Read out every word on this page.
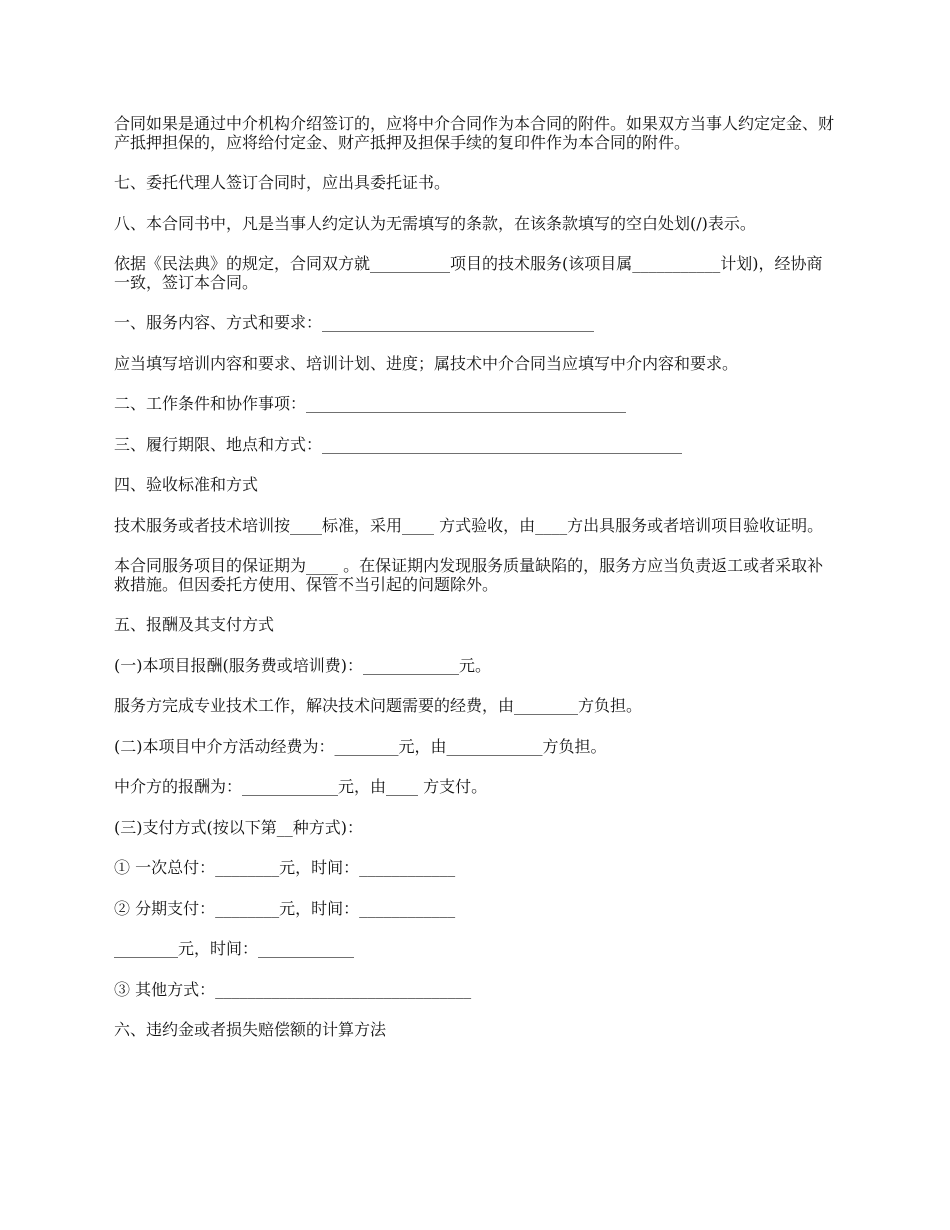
合同如果是通过中介机构介绍签订的，应将中介合同作为本合同的附件。如果双方当事人约定定金、财产抵押担保的，应将给付定金、财产抵押及担保手续的复印件作为本合同的附件。

七、委托代理人签订合同时，应出具委托证书。

八、本合同书中，凡是当事人约定认为无需填写的条款，在该条款填写的空白处划(/)表示。

依据《民法典》的规定，合同双方就__________项目的技术服务(该项目属___________计划)，经协商一致，签订本合同。

一、服务内容、方式和要求：__________________________________

应当填写培训内容和要求、培训计划、进度；属技术中介合同当应填写中介内容和要求。

二、工作条件和协作事项：________________________________________

三、履行期限、地点和方式：_____________________________________________

四、验收标准和方式

技术服务或者技术培训按____标准，采用____ 方式验收，由____方出具服务或者培训项目验收证明。

本合同服务项目的保证期为____ 。在保证期内发现服务质量缺陷的，服务方应当负责返工或者采取补救措施。但因委托方使用、保管不当引起的问题除外。

五、报酬及其支付方式

(一)本项目报酬(服务费或培训费)：____________元。

服务方完成专业技术工作，解决技术问题需要的经费，由________方负担。

(二)本项目中介方活动经费为：________元，由____________方负担。

中介方的报酬为：____________元，由____ 方支付。

(三)支付方式(按以下第__种方式)：

① 一次总付：________元，时间：____________

② 分期支付：________元，时间：____________

________元，时间：____________

③ 其他方式：________________________________

六、违约金或者损失赔偿额的计算方法
